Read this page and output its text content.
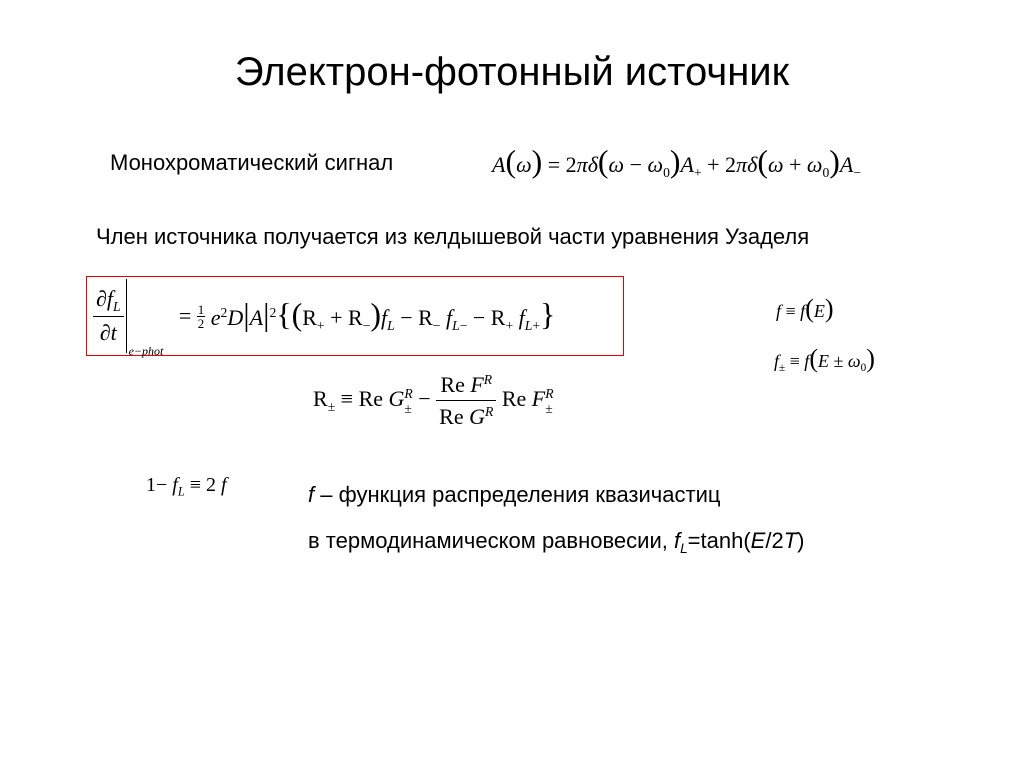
Электрон-фотонный источник
Монохроматический сигнал	$A(\omega) = 2\pi\delta(\omega - \omega_0)A_+ + 2\pi\delta(\omega + \omega_0)A_-$
Член источника получается из келдышевой части уравнения Узаделя
$\frac{\partial f_L}{\partial t}$
e−phot = $\frac{1}{2} e^2D|A|^2\{(R_+ + R_-)f_L - R_-$ $f_{L-} - R_+$ $f_{L+}$}	f ≡ f(E)
$f_\pm \equiv f(E \pm \omega_0)$
$R_\pm \equiv Re$ G R
± − $\frac{Re F^R}{Re G^R}$ Re F R
±
$1- f_L \equiv 2$ f	f – функция распределения квазичастиц
в термодинамическом равновесии, $f_L=\tanh(E/2T)$
